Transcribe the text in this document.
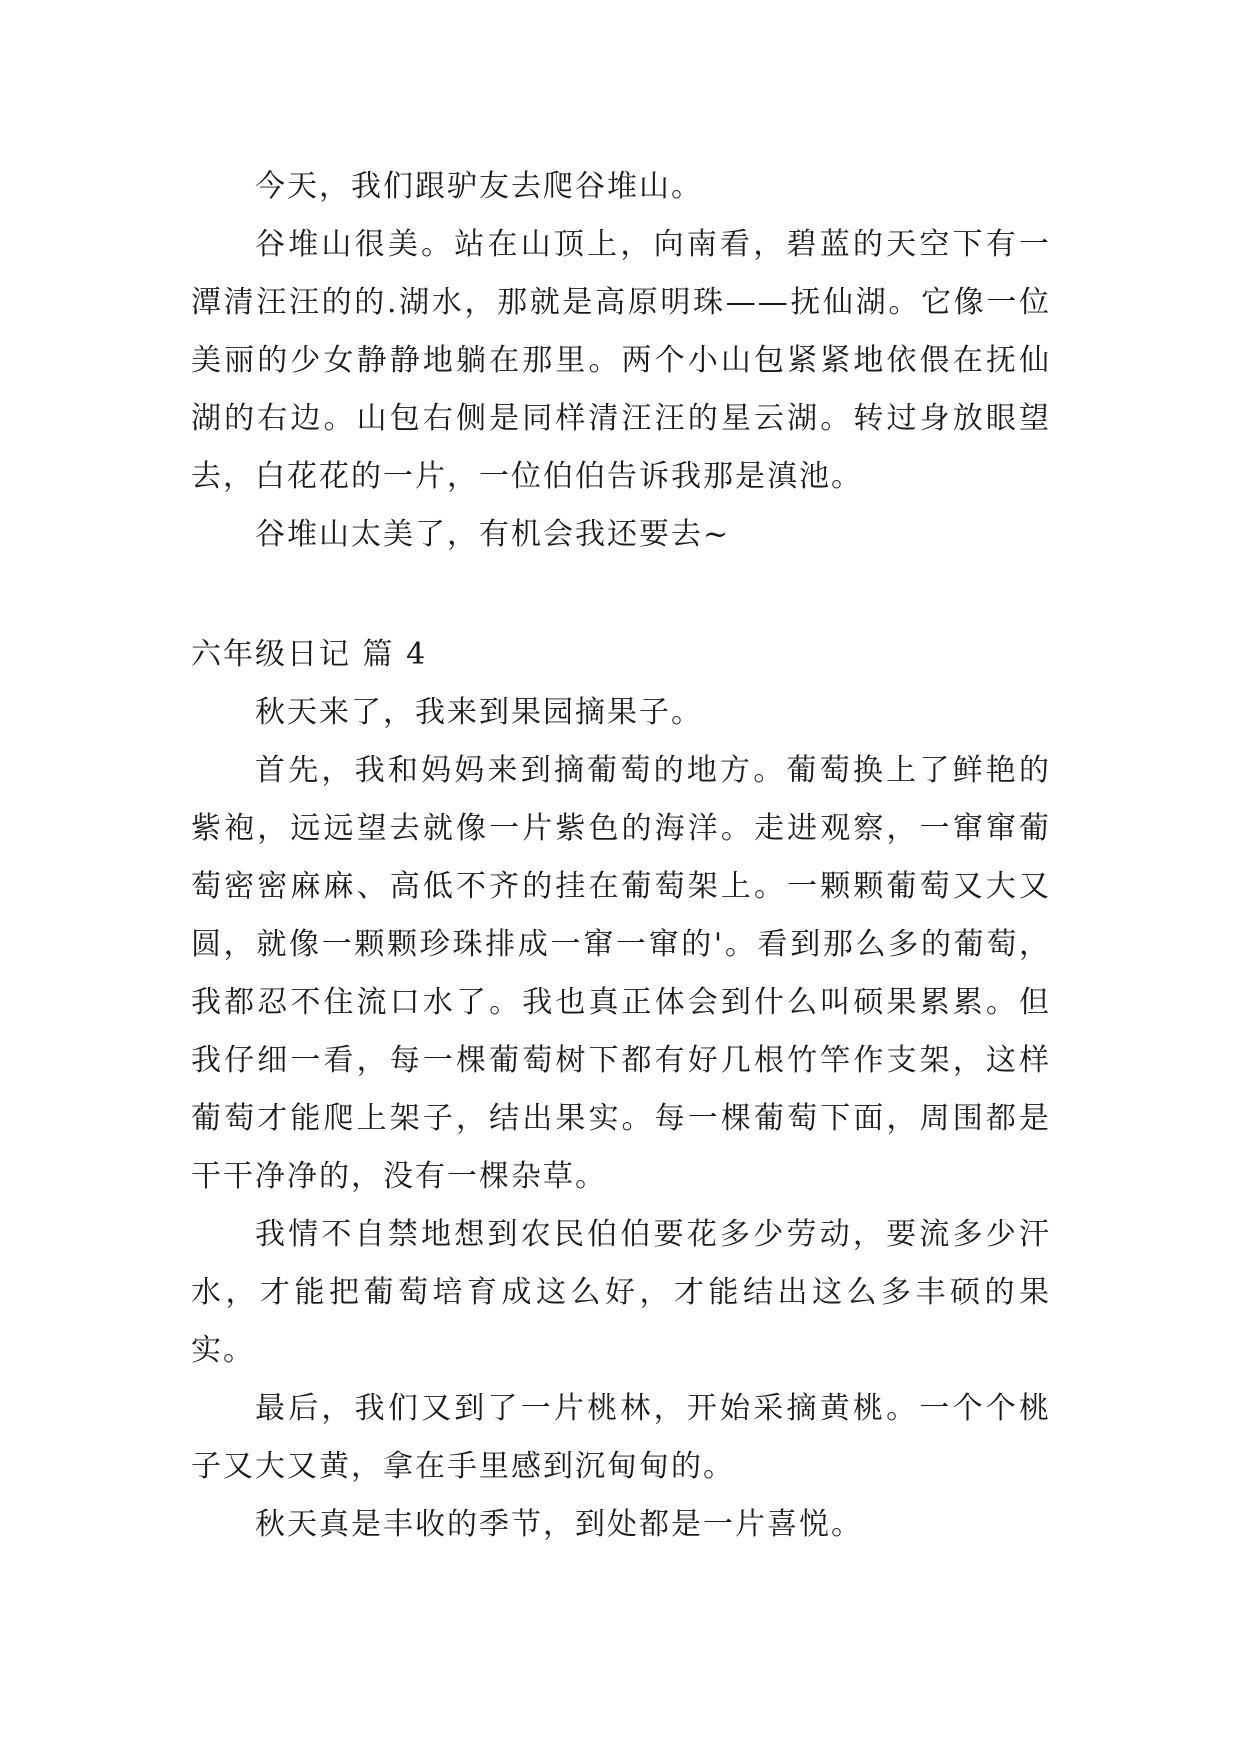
今天，我们跟驴友去爬谷堆山。

谷堆山很美。站在山顶上，向南看，碧蓝的天空下有一潭清汪汪的的.湖水，那就是高原明珠——抚仙湖。它像一位美丽的少女静静地躺在那里。两个小山包紧紧地依偎在抚仙湖的右边。山包右侧是同样清汪汪的星云湖。转过身放眼望去，白花花的一片，一位伯伯告诉我那是滇池。

谷堆山太美了，有机会我还要去~

六年级日记 篇 4

秋天来了，我来到果园摘果子。

首先，我和妈妈来到摘葡萄的地方。葡萄换上了鲜艳的紫袍，远远望去就像一片紫色的海洋。走进观察，一窜窜葡萄密密麻麻、高低不齐的挂在葡萄架上。一颗颗葡萄又大又圆，就像一颗颗珍珠排成一窜一窜的'。看到那么多的葡萄，我都忍不住流口水了。我也真正体会到什么叫硕果累累。但我仔细一看，每一棵葡萄树下都有好几根竹竿作支架，这样葡萄才能爬上架子，结出果实。每一棵葡萄下面，周围都是干干净净的，没有一棵杂草。

我情不自禁地想到农民伯伯要花多少劳动，要流多少汗水，才能把葡萄培育成这么好，才能结出这么多丰硕的果实。

最后，我们又到了一片桃林，开始采摘黄桃。一个个桃子又大又黄，拿在手里感到沉甸甸的。

秋天真是丰收的季节，到处都是一片喜悦。
